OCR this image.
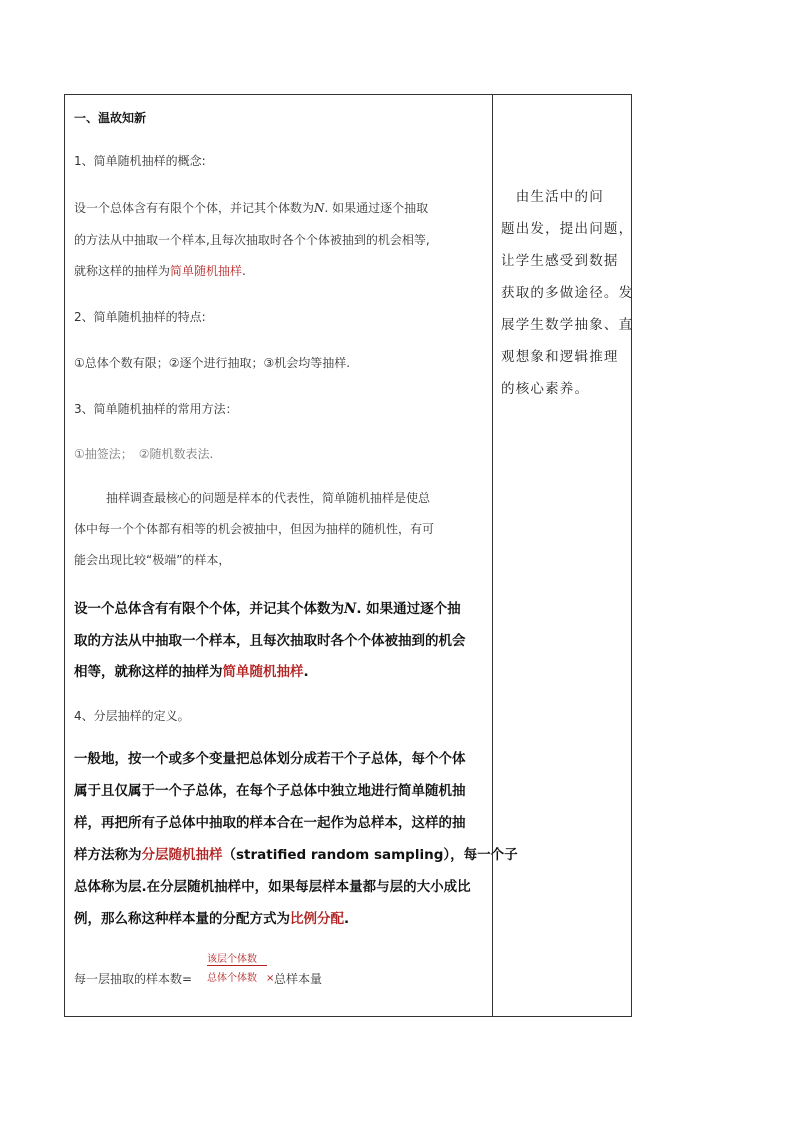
一、温故知新
1、简单随机抽样的概念:
设一个总体含有有限个个体，并记其个体数为N. 如果通过逐个抽取
的方法从中抽取一个样本,且每次抽取时各个个体被抽到的机会相等,
就称这样的抽样为简单随机抽样.
2、简单随机抽样的特点:
①总体个数有限；②逐个进行抽取；③机会均等抽样.
3、简单随机抽样的常用方法：
①抽签法；　②随机数表法.
抽样调查最核心的问题是样本的代表性，简单随机抽样是使总
体中每一个个体都有相等的机会被抽中，但因为抽样的随机性，有可
能会出现比较“极端”的样本，
设一个总体含有有限个个体，并记其个体数为N. 如果通过逐个抽
取的方法从中抽取一个样本，且每次抽取时各个个体被抽到的机会
相等，就称这样的抽样为简单随机抽样.
4、分层抽样的定义。
一般地，按一个或多个变量把总体划分成若干个子总体，每个个体
属于且仅属于一个子总体，在每个子总体中独立地进行简单随机抽
样，再把所有子总体中抽取的样本合在一起作为总样本，这样的抽
样方法称为分层随机抽样（stratified random sampling），每一个子
总体称为层.在分层随机抽样中，如果每层样本量都与层的大小成比
例，那么称这种样本量的分配方式为比例分配.
每一层抽取的样本数=
该层个体数
总体个体数 × 总样本量
　由生活中的问
题出发，提出问题，
让学生感受到数据
获取的多做途径。发
展学生数学抽象、直
观想象和逻辑推理
的核心素养。
